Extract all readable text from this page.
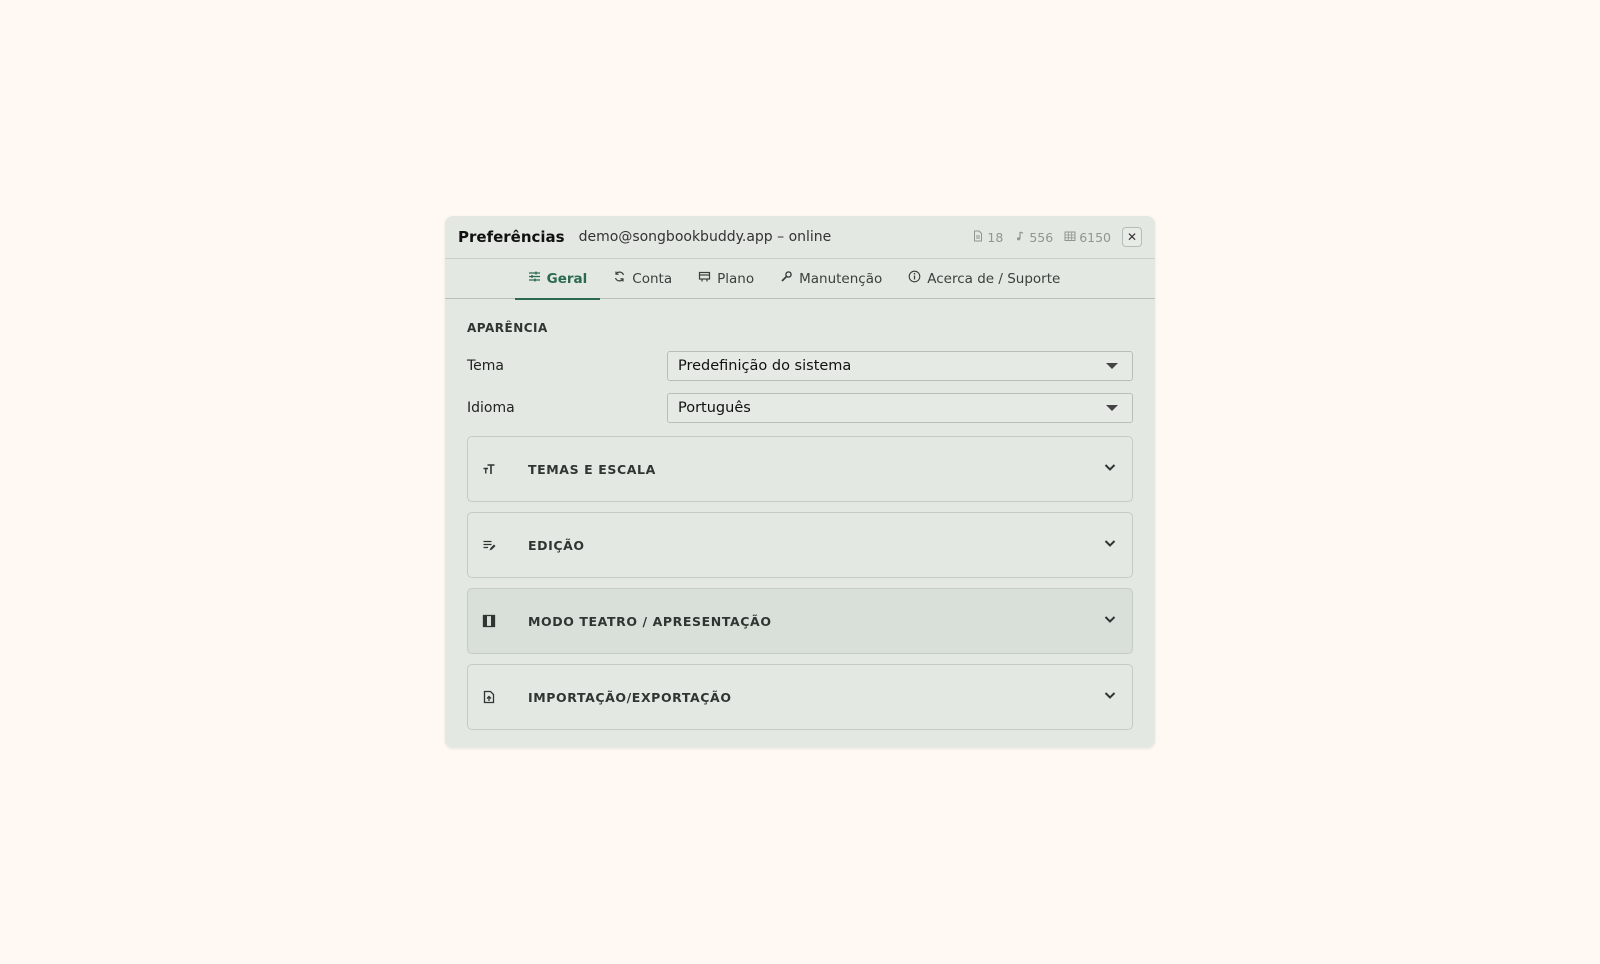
Preferências demo@songbookbuddy.app – online	18 556 6150 ✕
Geral	Conta	Plano	Manutenção	Acerca de / Suporte
APARÊNCIA
Tema	Predefinição do sistema
Idioma	Português
TEMAS E ESCALA
EDIÇÃO
MODO TEATRO / APRESENTAÇÃO
IMPORTAÇÃO/EXPORTAÇÃO
